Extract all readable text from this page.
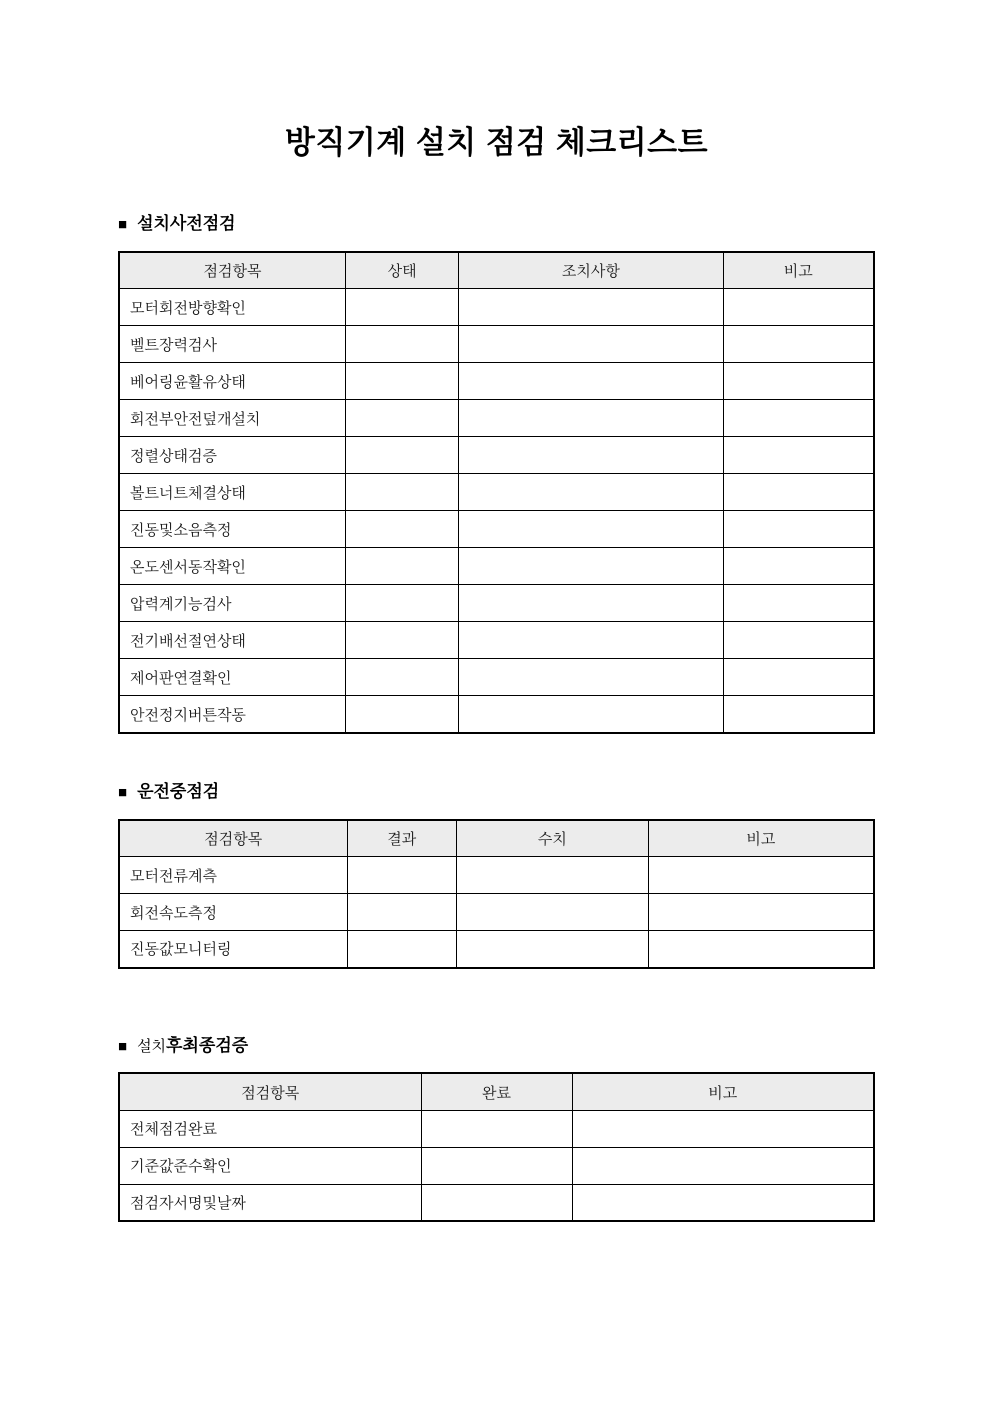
방직기계 설치 점검 체크리스트
■ 설치사전점검
점검항목	상태	조치사항	비고
모터회전방향확인			
벨트장력검사			
베어링윤활유상태			
회전부안전덮개설치			
정렬상태검증			
볼트너트체결상태			
진동및소음측정			
온도센서동작확인			
압력계기능검사			
전기배선절연상태			
제어판연결확인			
안전정지버튼작동			
■ 운전중점검
점검항목	결과	수치	비고
모터전류계측			
회전속도측정			
진동값모니터링			
■ 설치후최종검증
점검항목	완료	비고
전체점검완료		
기준값준수확인		
점검자서명및날짜		
